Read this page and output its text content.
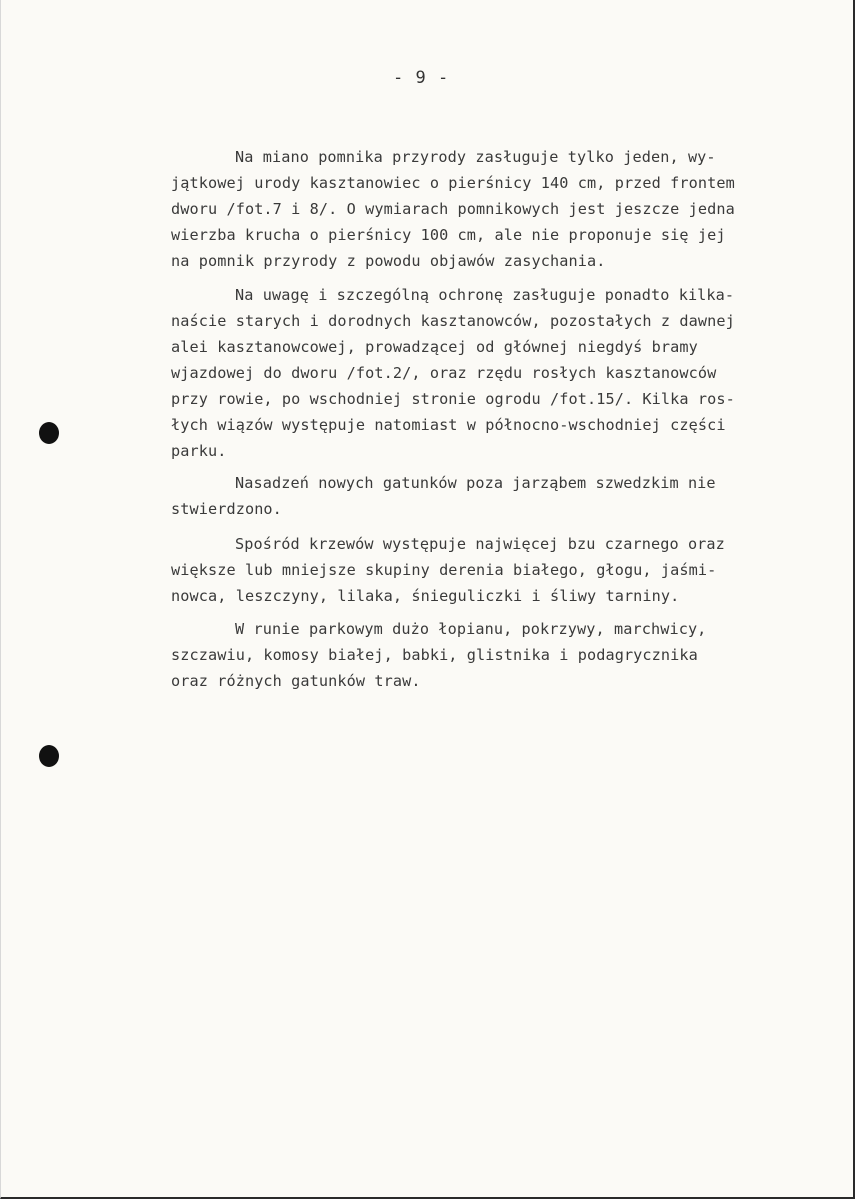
- 9 -
Na miano pomnika przyrody zasługuje tylko jeden, wy-
jątkowej urody kasztanowiec o pierśnicy 140 cm, przed frontem
dworu /fot.7 i 8/. O wymiarach pomnikowych jest jeszcze jedna
wierzba krucha o pierśnicy 100 cm, ale nie proponuje się jej
na pomnik przyrody z powodu objawów zasychania.
Na uwagę i szczególną ochronę zasługuje ponadto kilka-
naście starych i dorodnych kasztanowców, pozostałych z dawnej
alei kasztanowcowej, prowadzącej od głównej niegdyś bramy
wjazdowej do dworu /fot.2/, oraz rzędu rosłych kasztanowców
przy rowie, po wschodniej stronie ogrodu /fot.15/. Kilka ros-
łych wiązów występuje natomiast w północno-wschodniej części
parku.
Nasadzeń nowych gatunków poza jarząbem szwedzkim nie
stwierdzono.
Spośród krzewów występuje najwięcej bzu czarnego oraz
większe lub mniejsze skupiny derenia białego, głogu, jaśmi-
nowca, leszczyny, lilaka, śnieguliczki i śliwy tarniny.
W runie parkowym dużo łopianu, pokrzywy, marchwicy,
szczawiu, komosy białej, babki, glistnika i podagrycznika
oraz różnych gatunków traw.
